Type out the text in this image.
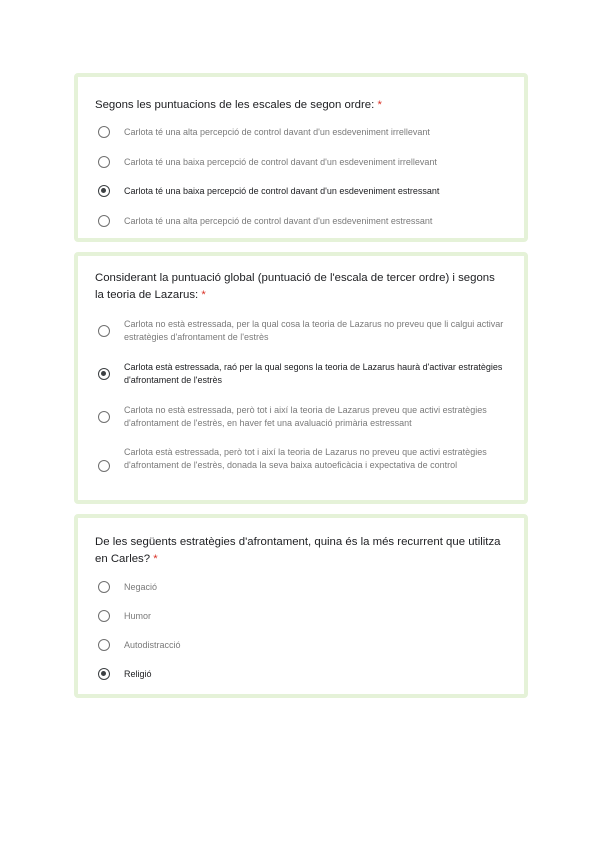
Segons les puntuacions de les escales de segon ordre: *
Carlota té una alta percepció de control davant d'un esdeveniment irrellevant
Carlota té una baixa percepció de control davant d'un esdeveniment irrellevant
Carlota té una baixa percepció de control davant d'un esdeveniment estressant
Carlota té una alta percepció de control davant d'un esdeveniment estressant
Considerant la puntuació global (puntuació de l'escala de tercer ordre) i segons la teoria de Lazarus: *
Carlota no està estressada, per la qual cosa la teoria de Lazarus no preveu que li calgui activar estratègies d'afrontament de l'estrès
Carlota està estressada, raó per la qual segons la teoria de Lazarus haurà d'activar estratègies d'afrontament de l'estrès
Carlota no està estressada, però tot i així la teoria de Lazarus preveu que activi estratègies d'afrontament de l'estrès, en haver fet una avaluació primària estressant
Carlota està estressada, però tot i així la teoria de Lazarus no preveu que activi estratègies d'afrontament de l'estrès, donada la seva baixa autoeficàcia i expectativa de control
De les següents estratègies d'afrontament, quina és la més recurrent que utilitza en Carles? *
Negació
Humor
Autodistracció
Religió
